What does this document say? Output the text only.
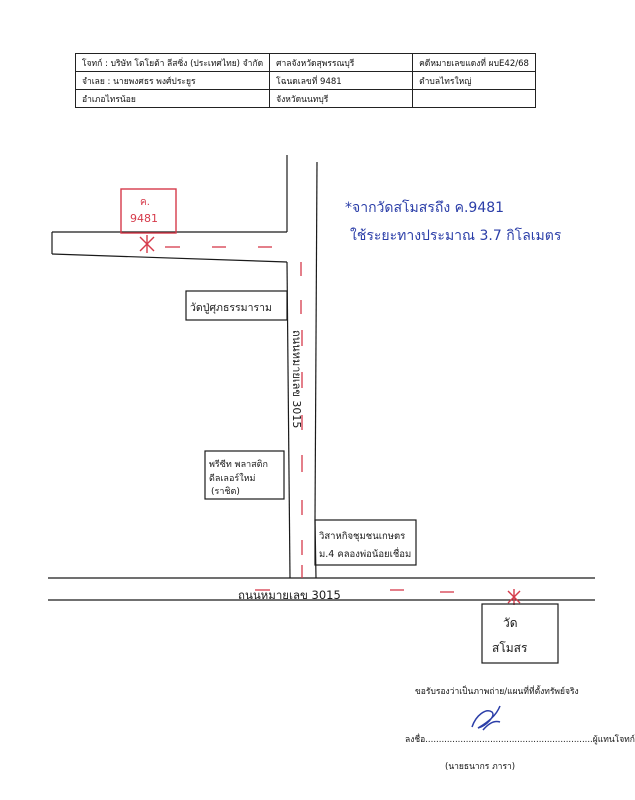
โจทก์ : บริษัท โตโยต้า ลีสซิ่ง (ประเทศไทย) จำกัด	ศาลจังหวัดสุพรรณบุรี	คดีหมายเลขแดงที่ ผบE42/68
จำเลย : นายพงศธร พงศ์ประยูร	โฉนดเลขที่ 9481	ตำบลไทรใหญ่
อำเภอไทรน้อย	จังหวัดนนทบุรี	
ค.
9481
*จากวัดสโมสรถึง ค.9481
ใช้ระยะทางประมาณ 3.7 กิโลเมตร
วัดปู่ศุภธรรมาราม
ถนนหมายเลข 3015
พรีซีท พลาสติก
ดีลเลอร์ใหม่
(ราชิต)
วิสาหกิจชุมชนเกษตร
ม.4 คลองพ่อน้อยเชื่อม
ถนนหมายเลข 3015
วัด
สโมสร
ขอรับรองว่าเป็นภาพถ่าย/แผนที่ที่ตั้งทรัพย์จริง
ลงชื่อ..............................................................ผู้แทนโจทก์
(นายธนากร ภารา)
